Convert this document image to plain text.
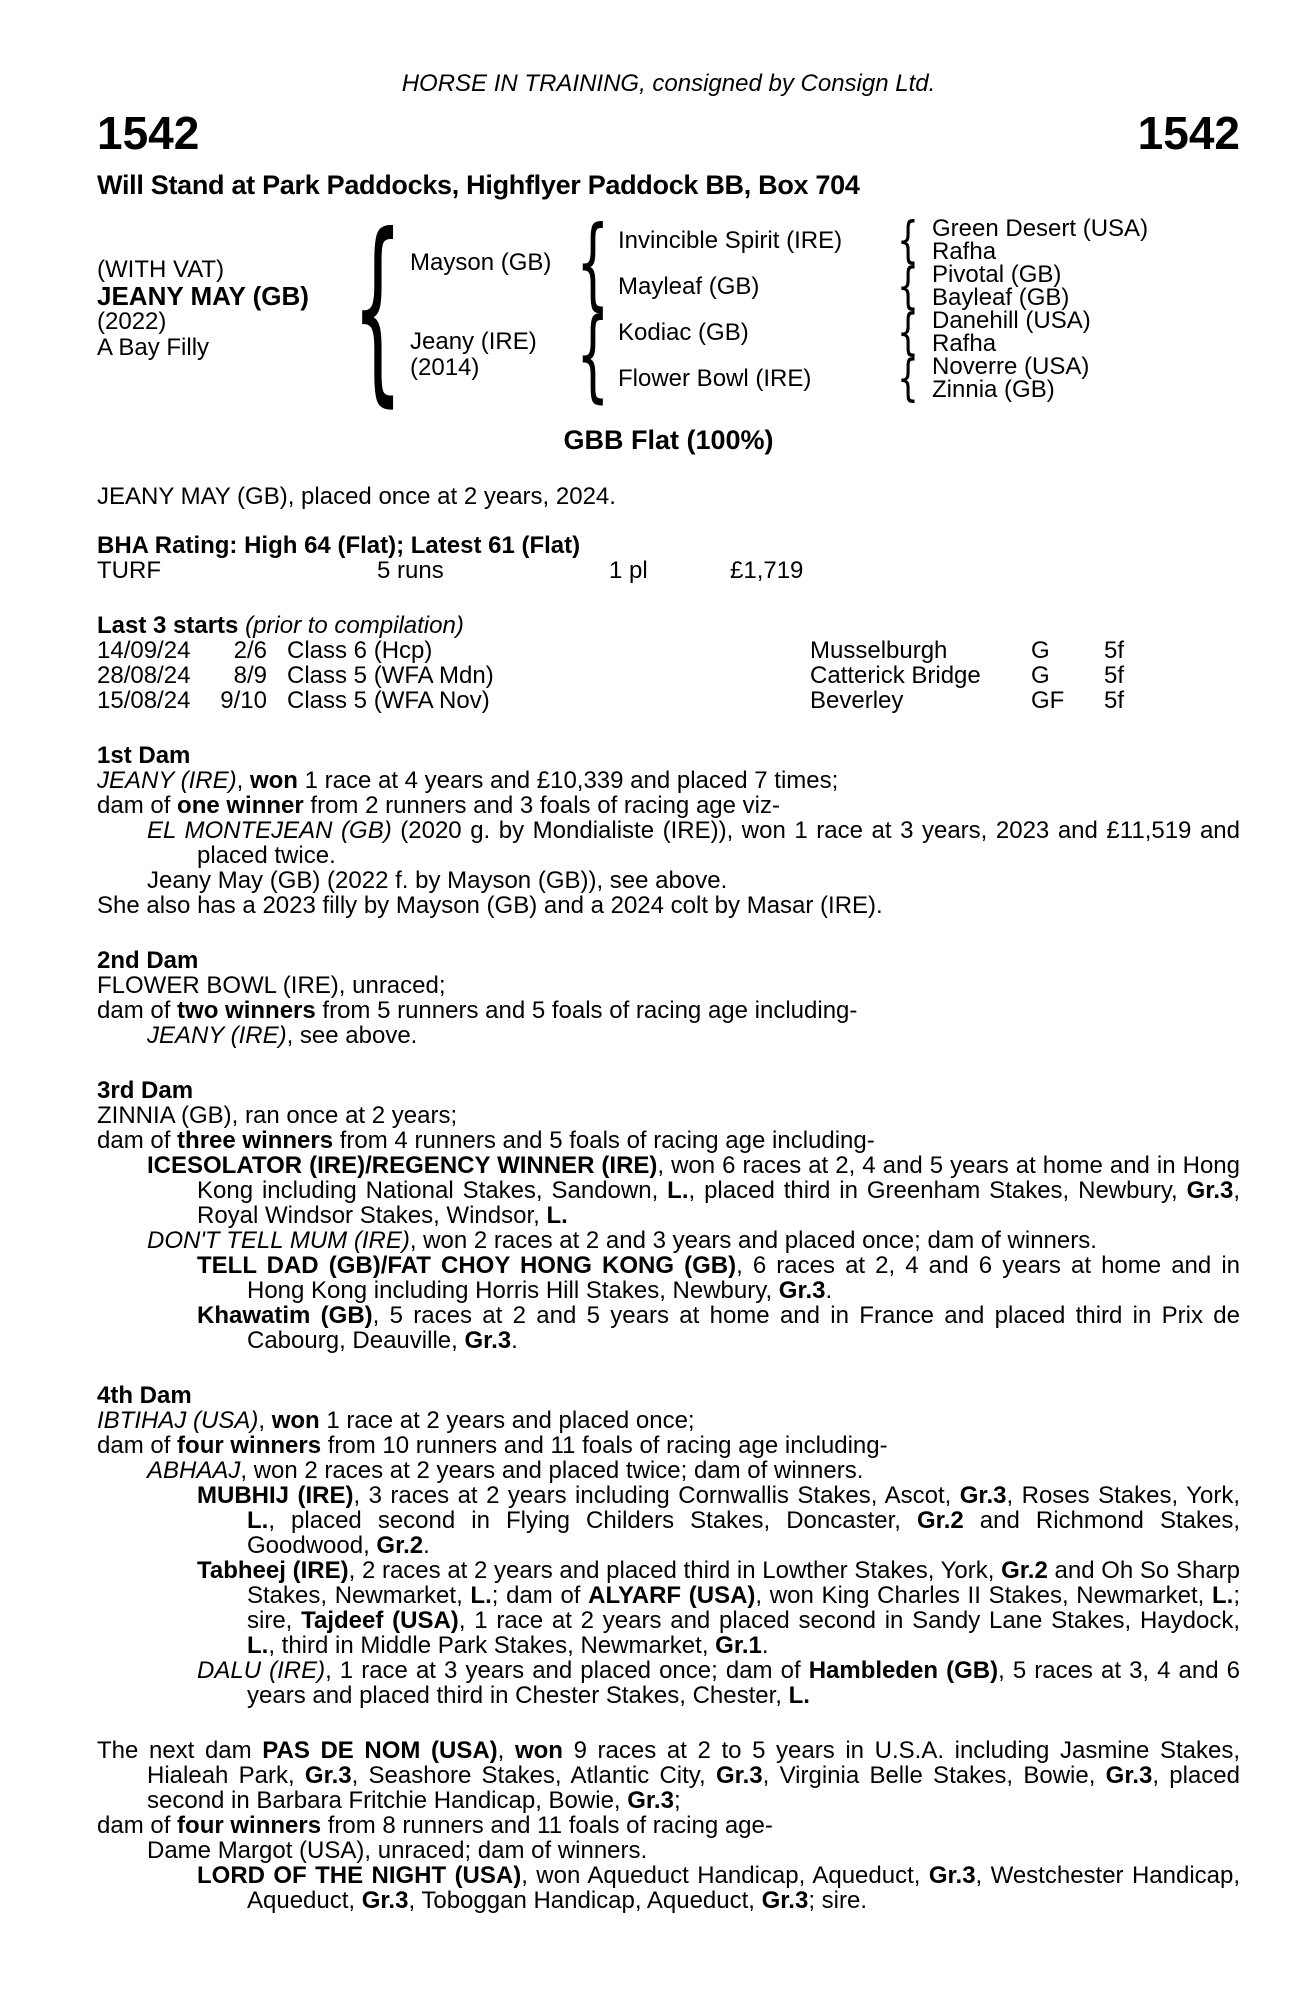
HORSE IN TRAINING, consigned by Consign Ltd.
1542	1542
Will Stand at Park Paddocks, Highflyer Paddock BB, Box 704
(WITH VAT)
JEANY MAY (GB)
(2022)
A Bay Filly { Mayson (GB)
Jeany (IRE)
(2014)
{
{
Invincible Spirit (IRE)
Mayleaf (GB)
Kodiac (GB)
Flower Bowl (IRE)
{
{
{
{
Green Desert (USA)
Rafha
Pivotal (GB)
Bayleaf (GB)
Danehill (USA)
Rafha
Noverre (USA)
Zinnia (GB)
GBB Flat (100%)
JEANY MAY (GB), placed once at 2 years, 2024.
BHA Rating: High 64 (Flat); Latest 61 (Flat)
TURF	5 runs	1 pl	£1,719
Last 3 starts (prior to compilation)
14/09/24	2/6 Class 6 (Hcp)	Musselburgh	G 5f
28/08/24	8/9 Class 5 (WFA Mdn)	Catterick Bridge G 5f
15/08/24	9/10 Class 5 (WFA Nov)	Beverley	GF 5f
1st Dam

JEANY (IRE), won 1 race at 4 years and £10,339 and placed 7 times;

dam of one winner from 2 runners and 3 foals of racing age viz-

EL MONTEJEAN (GB) (2020 g. by Mondialiste (IRE)), won 1 race at 3 years, 2023 and £11,519 and placed twice.

Jeany May (GB) (2022 f. by Mayson (GB)), see above.

She also has a 2023 filly by Mayson (GB) and a 2024 colt by Masar (IRE).

2nd Dam

FLOWER BOWL (IRE), unraced;

dam of two winners from 5 runners and 5 foals of racing age including-

JEANY (IRE), see above.

3rd Dam

ZINNIA (GB), ran once at 2 years;

dam of three winners from 4 runners and 5 foals of racing age including-

ICESOLATOR (IRE)/REGENCY WINNER (IRE), won 6 races at 2, 4 and 5 years at home and in Hong Kong including National Stakes, Sandown, L., placed third in Greenham Stakes, Newbury, Gr.3, Royal Windsor Stakes, Windsor, L.

DON'T TELL MUM (IRE), won 2 races at 2 and 3 years and placed once; dam of winners.

TELL DAD (GB)/FAT CHOY HONG KONG (GB), 6 races at 2, 4 and 6 years at home and in Hong Kong including Horris Hill Stakes, Newbury, Gr.3.

Khawatim (GB), 5 races at 2 and 5 years at home and in France and placed third in Prix de Cabourg, Deauville, Gr.3.

4th Dam

IBTIHAJ (USA), won 1 race at 2 years and placed once;

dam of four winners from 10 runners and 11 foals of racing age including-

ABHAAJ, won 2 races at 2 years and placed twice; dam of winners.

MUBHIJ (IRE), 3 races at 2 years including Cornwallis Stakes, Ascot, Gr.3, Roses Stakes, York, L., placed second in Flying Childers Stakes, Doncaster, Gr.2 and Richmond Stakes, Goodwood, Gr.2.

Tabheej (IRE), 2 races at 2 years and placed third in Lowther Stakes, York, Gr.2 and Oh So Sharp Stakes, Newmarket, L.; dam of ALYARF (USA), won King Charles II Stakes, Newmarket, L.; sire, Tajdeef (USA), 1 race at 2 years and placed second in Sandy Lane Stakes, Haydock, L., third in Middle Park Stakes, Newmarket, Gr.1.

DALU (IRE), 1 race at 3 years and placed once; dam of Hambleden (GB), 5 races at 3, 4 and 6 years and placed third in Chester Stakes, Chester, L.

The next dam PAS DE NOM (USA), won 9 races at 2 to 5 years in U.S.A. including Jasmine Stakes, Hialeah Park, Gr.3, Seashore Stakes, Atlantic City, Gr.3, Virginia Belle Stakes, Bowie, Gr.3, placed second in Barbara Fritchie Handicap, Bowie, Gr.3;

dam of four winners from 8 runners and 11 foals of racing age-

Dame Margot (USA), unraced; dam of winners.

LORD OF THE NIGHT (USA), won Aqueduct Handicap, Aqueduct, Gr.3, Westchester Handicap, Aqueduct, Gr.3, Toboggan Handicap, Aqueduct, Gr.3; sire.
